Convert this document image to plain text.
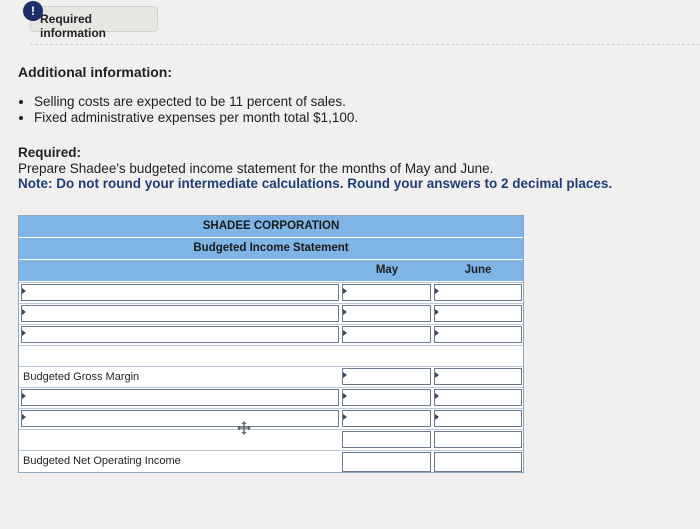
!
Required information
Additional information:
• Selling costs are expected to be 11 percent of sales.
• Fixed administrative expenses per month total $1,100.
Required:
Prepare Shadee's budgeted income statement for the months of May and June.
Note: Do not round your intermediate calculations. Round your answers to 2 decimal places.
SHADEE CORPORATION
Budgeted Income Statement
May	June
Budgeted Gross Margin
Budgeted Net Operating Income
